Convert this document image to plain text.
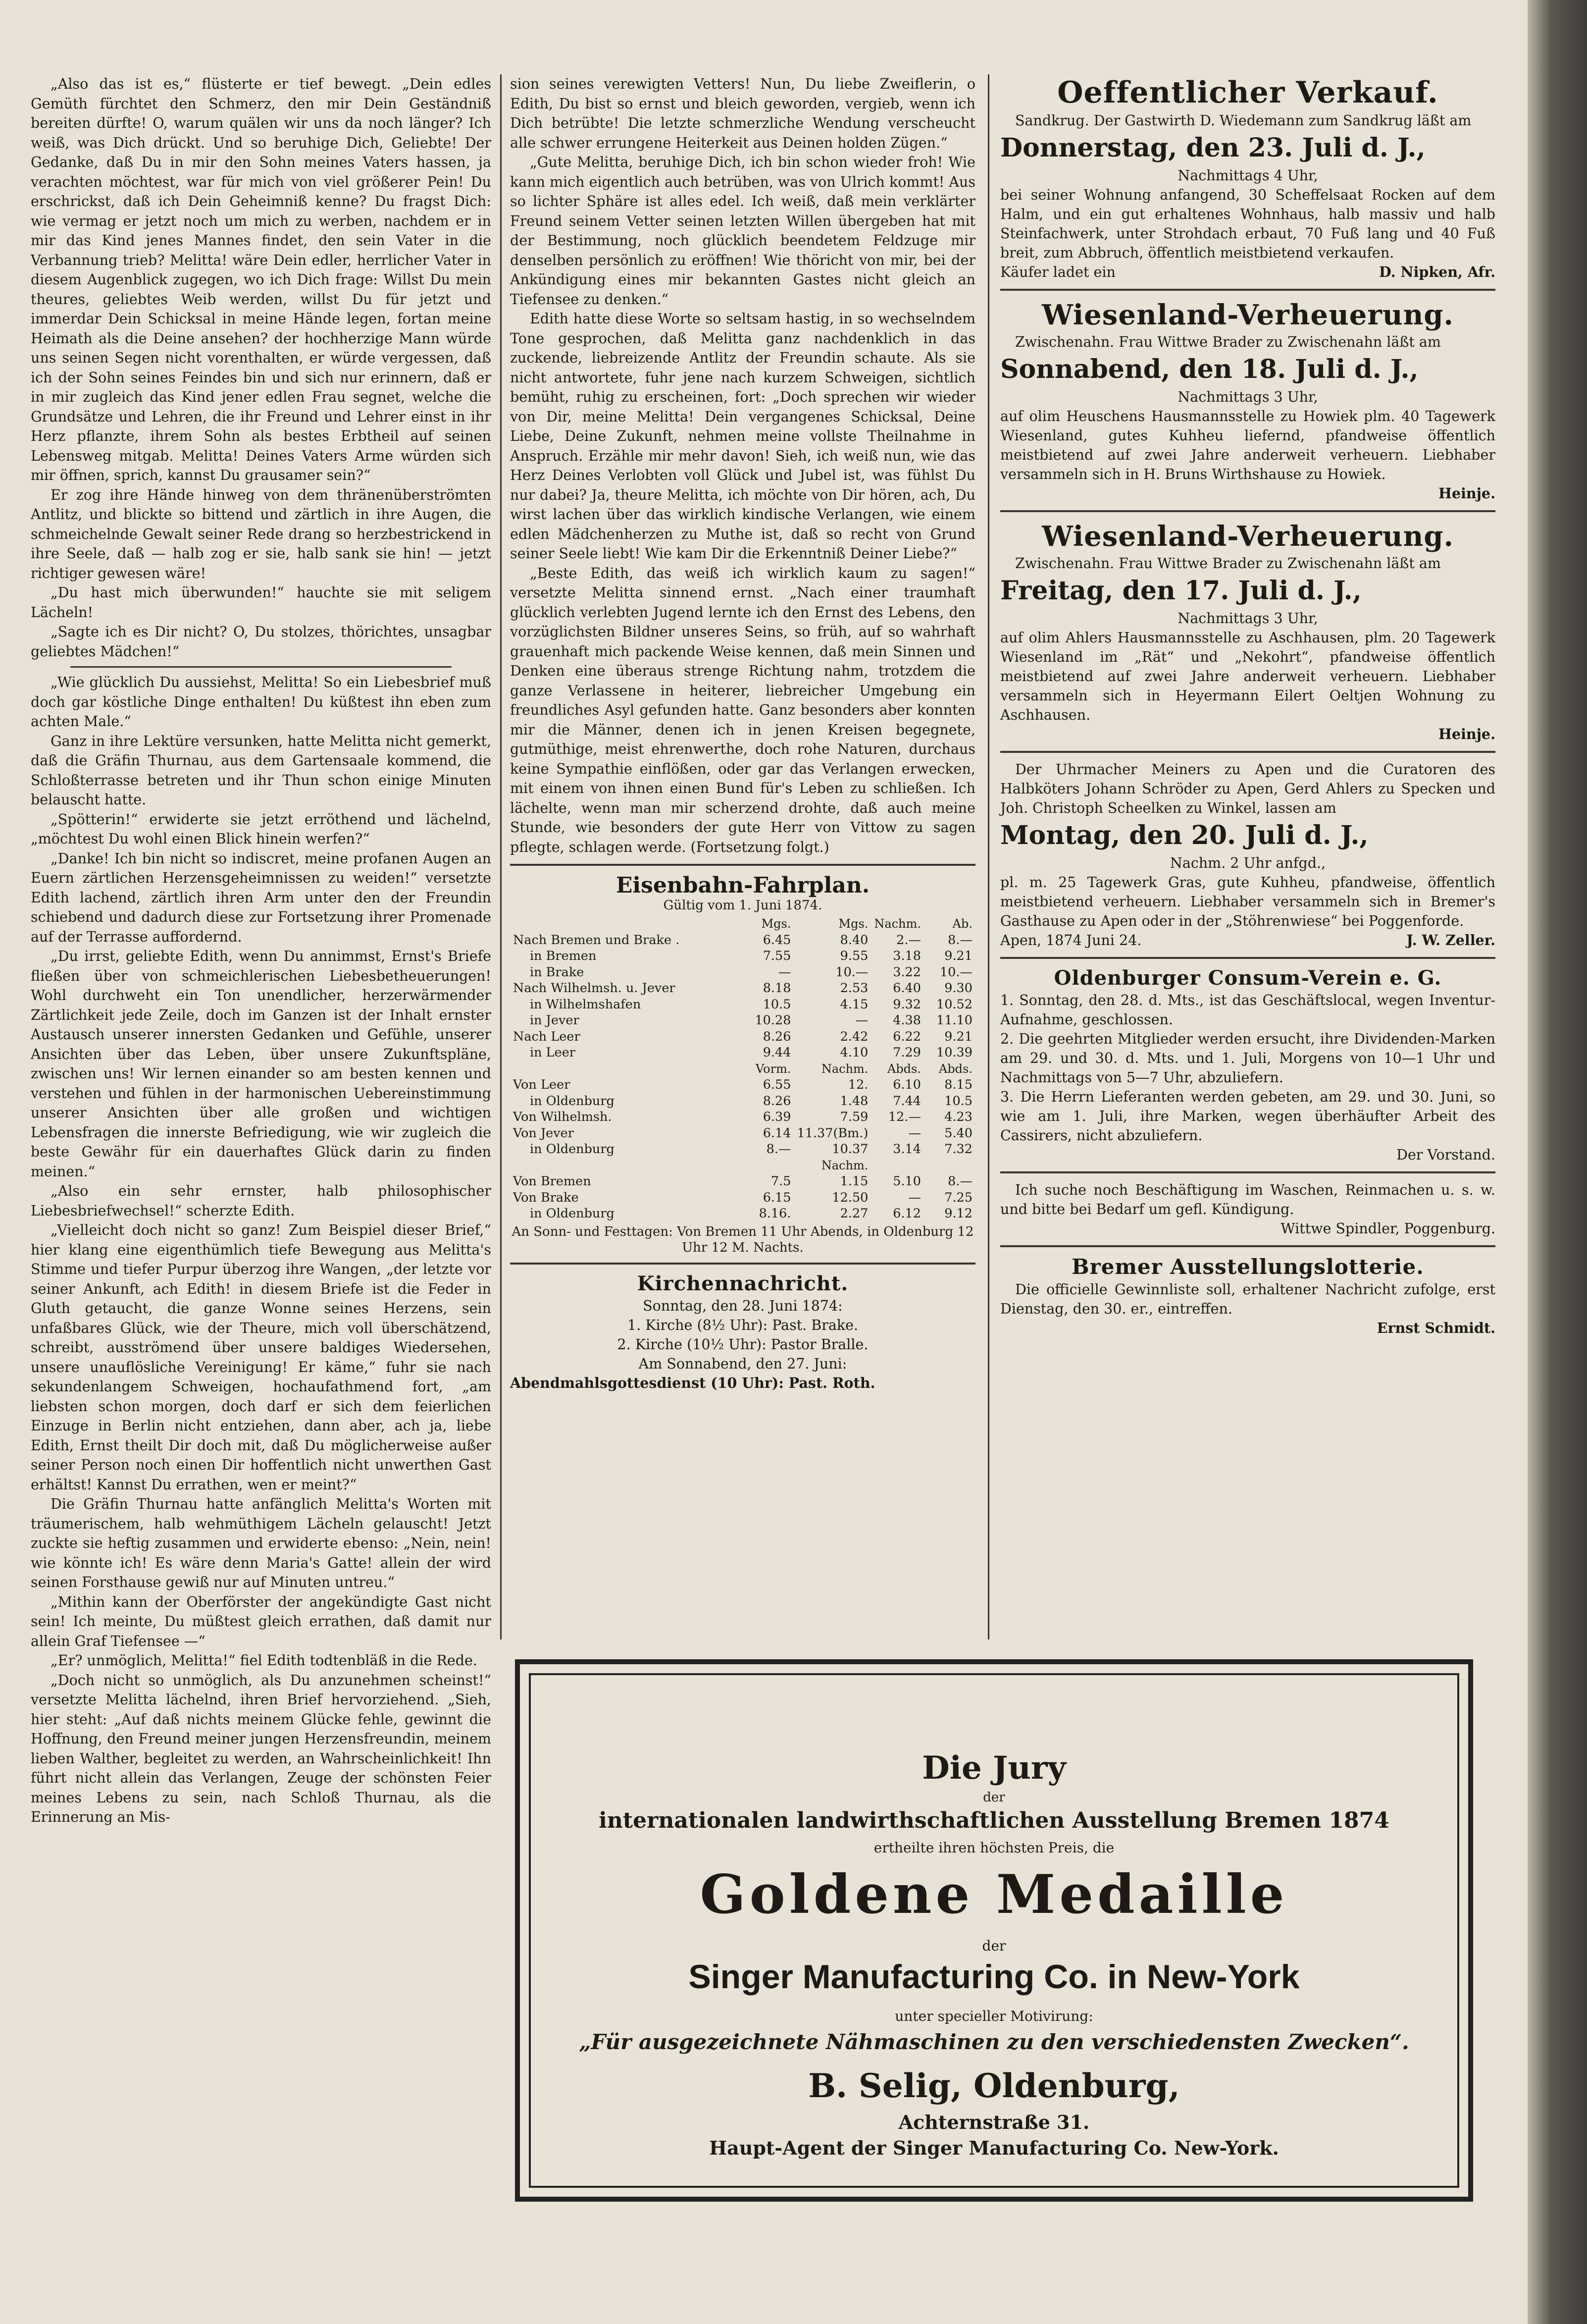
„Also das ist es,“ flüsterte er tief bewegt. „Dein edles Gemüth fürchtet den Schmerz, den mir Dein Geständniß bereiten dürfte! O, warum quälen wir uns da noch länger? Ich weiß, was Dich drückt. Und so beruhige Dich, Geliebte! Der Gedanke, daß Du in mir den Sohn meines Vaters hassen, ja verachten möchtest, war für mich von viel größerer Pein! Du erschrickst, daß ich Dein Geheimniß kenne? Du fragst Dich: wie vermag er jetzt noch um mich zu werben, nachdem er in mir das Kind jenes Mannes findet, den sein Vater in die Verbannung trieb? Melitta! wäre Dein edler, herrlicher Vater in diesem Augenblick zugegen, wo ich Dich frage: Willst Du mein theures, geliebtes Weib werden, willst Du für jetzt und immerdar Dein Schicksal in meine Hände legen, fortan meine Heimath als die Deine ansehen? der hochherzige Mann würde uns seinen Segen nicht vorenthalten, er würde vergessen, daß ich der Sohn seines Feindes bin und sich nur erinnern, daß er in mir zugleich das Kind jener edlen Frau segnet, welche die Grundsätze und Lehren, die ihr Freund und Lehrer einst in ihr Herz pflanzte, ihrem Sohn als bestes Erbtheil auf seinen Lebensweg mitgab. Melitta! Deines Vaters Arme würden sich mir öffnen, sprich, kannst Du grausamer sein?“

Er zog ihre Hände hinweg von dem thränenüberströmten Antlitz, und blickte so bittend und zärtlich in ihre Augen, die schmeichelnde Gewalt seiner Rede drang so herzbestrickend in ihre Seele, daß — halb zog er sie, halb sank sie hin! — jetzt richtiger gewesen wäre!

„Du hast mich überwunden!“ hauchte sie mit seligem Lächeln!

„Sagte ich es Dir nicht? O, Du stolzes, thörichtes, unsagbar geliebtes Mädchen!“

„Wie glücklich Du aussiehst, Melitta! So ein Liebesbrief muß doch gar köstliche Dinge enthalten! Du küßtest ihn eben zum achten Male.“

Ganz in ihre Lektüre versunken, hatte Melitta nicht gemerkt, daß die Gräfin Thurnau, aus dem Gartensaale kommend, die Schloßterrasse betreten und ihr Thun schon einige Minuten belauscht hatte.

„Spötterin!“ erwiderte sie jetzt erröthend und lächelnd, „möchtest Du wohl einen Blick hinein werfen?“

„Danke! Ich bin nicht so indiscret, meine profanen Augen an Euern zärtlichen Herzensgeheimnissen zu weiden!“ versetzte Edith lachend, zärtlich ihren Arm unter den der Freundin schiebend und dadurch diese zur Fortsetzung ihrer Promenade auf der Terrasse auffordernd.

„Du irrst, geliebte Edith, wenn Du annimmst, Ernst's Briefe fließen über von schmeichlerischen Liebesbetheuerungen! Wohl durchweht ein Ton unendlicher, herzerwärmender Zärtlichkeit jede Zeile, doch im Ganzen ist der Inhalt ernster Austausch unserer innersten Gedanken und Gefühle, unserer Ansichten über das Leben, über unsere Zukunftspläne, zwischen uns! Wir lernen einander so am besten kennen und verstehen und fühlen in der harmonischen Uebereinstimmung unserer Ansichten über alle großen und wichtigen Lebensfragen die innerste Befriedigung, wie wir zugleich die beste Gewähr für ein dauerhaftes Glück darin zu finden meinen.“

„Also ein sehr ernster, halb philosophischer Liebesbriefwechsel!“ scherzte Edith.

„Vielleicht doch nicht so ganz! Zum Beispiel dieser Brief,“ hier klang eine eigenthümlich tiefe Bewegung aus Melitta's Stimme und tiefer Purpur überzog ihre Wangen, „der letzte vor seiner Ankunft, ach Edith! in diesem Briefe ist die Feder in Gluth getaucht, die ganze Wonne seines Herzens, sein unfaßbares Glück, wie der Theure, mich voll überschätzend, schreibt, ausströmend über unsere baldiges Wiedersehen, unsere unauflösliche Vereinigung! Er käme,“ fuhr sie nach sekundenlangem Schweigen, hochaufathmend fort, „am liebsten schon morgen, doch darf er sich dem feierlichen Einzuge in Berlin nicht entziehen, dann aber, ach ja, liebe Edith, Ernst theilt Dir doch mit, daß Du möglicherweise außer seiner Person noch einen Dir hoffentlich nicht unwerthen Gast erhältst! Kannst Du errathen, wen er meint?“

Die Gräfin Thurnau hatte anfänglich Melitta's Worten mit träumerischem, halb wehmüthigem Lächeln gelauscht! Jetzt zuckte sie heftig zusammen und erwiderte ebenso: „Nein, nein! wie könnte ich! Es wäre denn Maria's Gatte! allein der wird seinen Forsthause gewiß nur auf Minuten untreu.“

„Mithin kann der Oberförster der angekündigte Gast nicht sein! Ich meinte, Du müßtest gleich errathen, daß damit nur allein Graf Tiefensee —“

„Er? unmöglich, Melitta!“ fiel Edith todtenbläß in die Rede.

„Doch nicht so unmöglich, als Du anzunehmen scheinst!“ versetzte Melitta lächelnd, ihren Brief hervorziehend. „Sieh, hier steht: „Auf daß nichts meinem Glücke fehle, gewinnt die Hoffnung, den Freund meiner jungen Herzensfreundin, meinem lieben Walther, begleitet zu werden, an Wahrscheinlichkeit! Ihn führt nicht allein das Verlangen, Zeuge der schönsten Feier meines Lebens zu sein, nach Schloß Thurnau, als die Erinnerung an Mis-

sion seines verewigten Vetters! Nun, Du liebe Zweiflerin, o Edith, Du bist so ernst und bleich geworden, vergieb, wenn ich Dich betrübte! Die letzte schmerzliche Wendung verscheucht alle schwer errungene Heiterkeit aus Deinen holden Zügen.“

„Gute Melitta, beruhige Dich, ich bin schon wieder froh! Wie kann mich eigentlich auch betrüben, was von Ulrich kommt! Aus so lichter Sphäre ist alles edel. Ich weiß, daß mein verklärter Freund seinem Vetter seinen letzten Willen übergeben hat mit der Bestimmung, noch glücklich beendetem Feldzuge mir denselben persönlich zu eröffnen! Wie thöricht von mir, bei der Ankündigung eines mir bekannten Gastes nicht gleich an Tiefensee zu denken.“

Edith hatte diese Worte so seltsam hastig, in so wechselndem Tone gesprochen, daß Melitta ganz nachdenklich in das zuckende, liebreizende Antlitz der Freundin schaute. Als sie nicht antwortete, fuhr jene nach kurzem Schweigen, sichtlich bemüht, ruhig zu erscheinen, fort: „Doch sprechen wir wieder von Dir, meine Melitta! Dein vergangenes Schicksal, Deine Liebe, Deine Zukunft, nehmen meine vollste Theilnahme in Anspruch. Erzähle mir mehr davon! Sieh, ich weiß nun, wie das Herz Deines Verlobten voll Glück und Jubel ist, was fühlst Du nur dabei? Ja, theure Melitta, ich möchte von Dir hören, ach, Du wirst lachen über das wirklich kindische Verlangen, wie einem edlen Mädchenherzen zu Muthe ist, daß so recht von Grund seiner Seele liebt! Wie kam Dir die Erkenntniß Deiner Liebe?“

„Beste Edith, das weiß ich wirklich kaum zu sagen!“ versetzte Melitta sinnend ernst. „Nach einer traumhaft glücklich verlebten Jugend lernte ich den Ernst des Lebens, den vorzüglichsten Bildner unseres Seins, so früh, auf so wahrhaft grauenhaft mich packende Weise kennen, daß mein Sinnen und Denken eine überaus strenge Richtung nahm, trotzdem die ganze Verlassene in heiterer, liebreicher Umgebung ein freundliches Asyl gefunden hatte. Ganz besonders aber konnten mir die Männer, denen ich in jenen Kreisen begegnete, gutmüthige, meist ehrenwerthe, doch rohe Naturen, durchaus keine Sympathie einflößen, oder gar das Verlangen erwecken, mit einem von ihnen einen Bund für's Leben zu schließen. Ich lächelte, wenn man mir scherzend drohte, daß auch meine Stunde, wie besonders der gute Herr von Vittow zu sagen pflegte, schlagen werde. (Fortsetzung folgt.)

Eisenbahn-Fahrplan.

Gültig vom 1. Juni 1874.

	Mgs.	Mgs.	Nachm.	Ab.
Nach Bremen und Brake .	6.45	8.40	2.—	8.—
in Bremen	7.55	9.55	3.18	9.21
in Brake	—	10.—	3.22	10.—
Nach Wilhelmsh. u. Jever	8.18	2.53	6.40	9.30
in Wilhelmshafen	10.5	4.15	9.32	10.52
in Jever	10.28	—	4.38	11.10
Nach Leer	8.26	2.42	6.22	9.21
in Leer	9.44	4.10	7.29	10.39
	Vorm.	Nachm.	Abds.	Abds.
Von Leer	6.55	12.	6.10	8.15
in Oldenburg	8.26	1.48	7.44	10.5
Von Wilhelmsh.	6.39	7.59	12.—	4.23
Von Jever	6.14	11.37(Bm.)	—	5.40
in Oldenburg	8.—	10.37	3.14	7.32
		Nachm.		
Von Bremen	7.5	1.15	5.10	8.—
Von Brake	6.15	12.50	—	7.25
in Oldenburg	8.16.	2.27	6.12	9.12

An Sonn- und Festtagen: Von Bremen 11 Uhr Abends, in Oldenburg 12 Uhr 12 M. Nachts.

Kirchennachricht.

Sonntag, den 28. Juni 1874:

1. Kirche (8½ Uhr): Past. Brake.

2. Kirche (10½ Uhr): Pastor Bralle.

Am Sonnabend, den 27. Juni:

Abendmahlsgottesdienst (10 Uhr): Past. Roth.

Oeffentlicher Verkauf.

Sandkrug. Der Gastwirth D. Wiedemann zum Sandkrug läßt am

Donnerstag, den 23. Juli d. J.,

Nachmittags 4 Uhr,

bei seiner Wohnung anfangend, 30 Scheffelsaat Rocken auf dem Halm, und ein gut erhaltenes Wohnhaus, halb massiv und halb Steinfachwerk, unter Strohdach erbaut, 70 Fuß lang und 40 Fuß breit, zum Abbruch, öffentlich meistbietend verkaufen.

Käufer ladet ein	D. Nipken, Afr.

Wiesenland-Verheuerung.

Zwischenahn. Frau Wittwe Brader zu Zwischenahn läßt am

Sonnabend, den 18. Juli d. J.,

Nachmittags 3 Uhr,

auf olim Heuschens Hausmannsstelle zu Howiek plm. 40 Tagewerk Wiesenland, gutes Kuhheu liefernd, pfandweise öffentlich meistbietend auf zwei Jahre anderweit verheuern. Liebhaber versammeln sich in H. Bruns Wirthshause zu Howiek.

Heinje.

Wiesenland-Verheuerung.

Zwischenahn. Frau Wittwe Brader zu Zwischenahn läßt am

Freitag, den 17. Juli d. J.,

Nachmittags 3 Uhr,

auf olim Ahlers Hausmannsstelle zu Aschhausen, plm. 20 Tagewerk Wiesenland im „Rät“ und „Nekohrt“, pfandweise öffentlich meistbietend auf zwei Jahre anderweit verheuern. Liebhaber versammeln sich in Heyermann Eilert Oeltjen Wohnung zu Aschhausen.

Heinje.

Der Uhrmacher Meiners zu Apen und die Curatoren des Halbköters Johann Schröder zu Apen, Gerd Ahlers zu Specken und Joh. Christoph Scheelken zu Winkel, lassen am

Montag, den 20. Juli d. J.,

Nachm. 2 Uhr anfgd.,

pl. m. 25 Tagewerk Gras, gute Kuhheu, pfandweise, öffentlich meistbietend verheuern. Liebhaber versammeln sich in Bremer's Gasthause zu Apen oder in der „Stöhrenwiese“ bei Poggenforde.

Apen, 1874 Juni 24.	J. W. Zeller.

Oldenburger Consum-Verein e. G.

1. Sonntag, den 28. d. Mts., ist das Geschäftslocal, wegen Inventur-Aufnahme, geschlossen.

2. Die geehrten Mitglieder werden ersucht, ihre Dividenden-Marken am 29. und 30. d. Mts. und 1. Juli, Morgens von 10—1 Uhr und Nachmittags von 5—7 Uhr, abzuliefern.

3. Die Herrn Lieferanten werden gebeten, am 29. und 30. Juni, so wie am 1. Juli, ihre Marken, wegen überhäufter Arbeit des Cassirers, nicht abzuliefern.

Der Vorstand.

Ich suche noch Beschäftigung im Waschen, Reinmachen u. s. w. und bitte bei Bedarf um gefl. Kündigung.

Wittwe Spindler, Poggenburg.

Bremer Ausstellungslotterie.

Die officielle Gewinnliste soll, erhaltener Nachricht zufolge, erst Dienstag, den 30. er., eintreffen.

Ernst Schmidt.

Die Jury

der

internationalen landwirthschaftlichen Ausstellung Bremen 1874

ertheilte ihren höchsten Preis, die

Goldene Medaille

der

Singer Manufacturing Co. in New-York

unter specieller Motivirung:

„Für ausgezeichnete Nähmaschinen zu den verschiedensten Zwecken“.

B. Selig, Oldenburg,

Achternstraße 31.

Haupt-Agent der Singer Manufacturing Co. New-York.
